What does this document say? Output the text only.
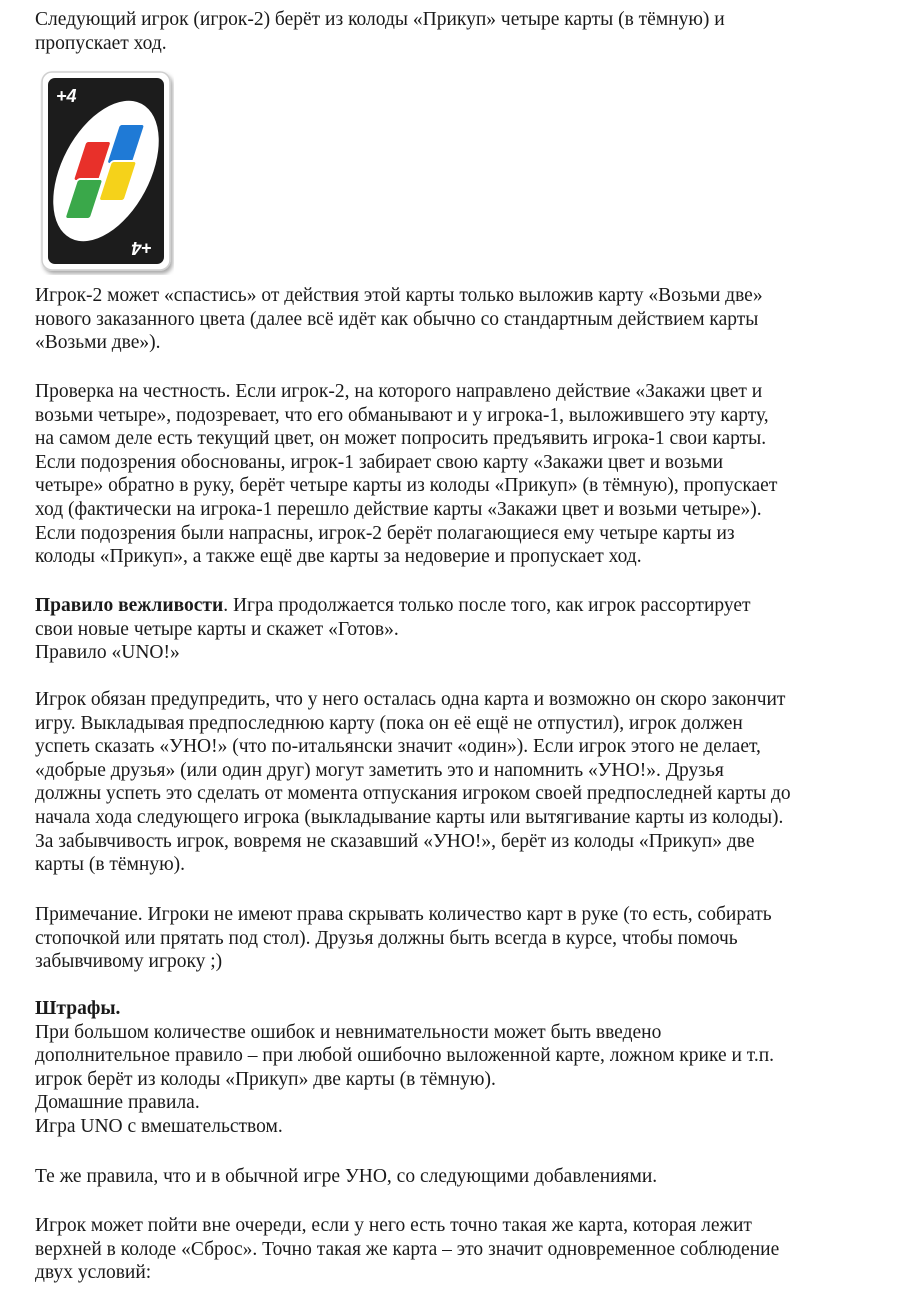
Следующий игрок (игрок-2) берёт из колоды «Прикуп» четыре карты (в тёмную) и
пропускает ход.

+4
+4

Игрок-2 может «спастись» от действия этой карты только выложив карту «Возьми две»
нового заказанного цвета (далее всё идёт как обычно со стандартным действием карты
«Возьми две»).

Проверка на честность. Если игрок-2, на которого направлено действие «Закажи цвет и
возьми четыре», подозревает, что его обманывают и у игрока-1, выложившего эту карту,
на самом деле есть текущий цвет, он может попросить предъявить игрока-1 свои карты.
Если подозрения обоснованы, игрок-1 забирает свою карту «Закажи цвет и возьми
четыре» обратно в руку, берёт четыре карты из колоды «Прикуп» (в тёмную), пропускает
ход (фактически на игрока-1 перешло действие карты «Закажи цвет и возьми четыре»).
Если подозрения были напрасны, игрок-2 берёт полагающиеся ему четыре карты из
колоды «Прикуп», а также ещё две карты за недоверие и пропускает ход.

Правило вежливости. Игра продолжается только после того, как игрок рассортирует
свои новые четыре карты и скажет «Готов».
Правило «UNO!»

Игрок обязан предупредить, что у него осталась одна карта и возможно он скоро закончит
игру. Выкладывая предпоследнюю карту (пока он её ещё не отпустил), игрок должен
успеть сказать «УНО!» (что по-итальянски значит «один»). Если игрок этого не делает,
«добрые друзья» (или один друг) могут заметить это и напомнить «УНО!». Друзья
должны успеть это сделать от момента отпускания игроком своей предпоследней карты до
начала хода следующего игрока (выкладывание карты или вытягивание карты из колоды).
За забывчивость игрок, вовремя не сказавший «УНО!», берёт из колоды «Прикуп» две
карты (в тёмную).

Примечание. Игроки не имеют права скрывать количество карт в руке (то есть, собирать
стопочкой или прятать под стол). Друзья должны быть всегда в курсе, чтобы помочь
забывчивому игроку ;)

Штрафы.
При большом количестве ошибок и невнимательности может быть введено
дополнительное правило – при любой ошибочно выложенной карте, ложном крике и т.п.
игрок берёт из колоды «Прикуп» две карты (в тёмную).
Домашние правила.
Игра UNO с вмешательством.

Те же правила, что и в обычной игре УНО, со следующими добавлениями.

Игрок может пойти вне очереди, если у него есть точно такая же карта, которая лежит
верхней в колоде «Сброс». Точно такая же карта – это значит одновременное соблюдение
двух условий:
